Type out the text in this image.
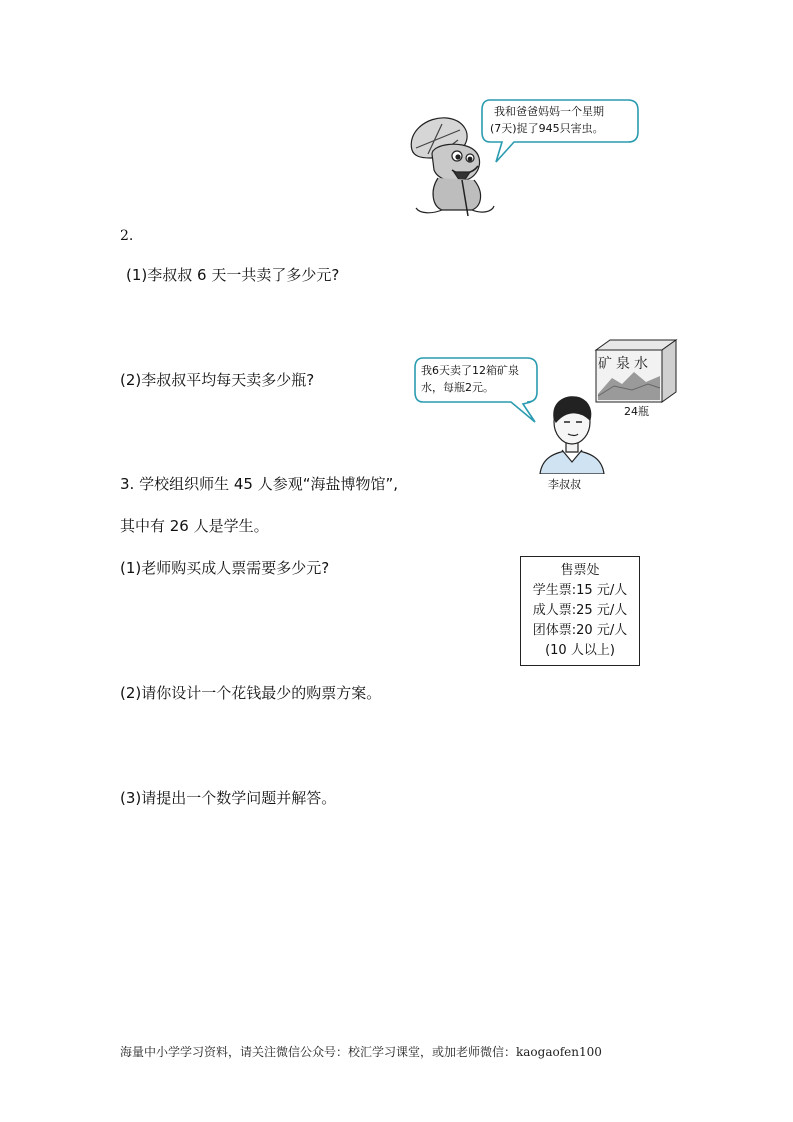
我和爸爸妈妈一个星期
(7天)捉了945只害虫。
2.
(1)李叔叔 6 天一共卖了多少元?
(2)李叔叔平均每天卖多少瓶?
我6天卖了12箱矿泉
水，每瓶2元。
矿泉水
24瓶
李叔叔
3. 学校组织师生 45 人参观“海盐博物馆”,
其中有 26 人是学生。
(1)老师购买成人票需要多少元?	售票处
学生票:15 元/人
成人票:25 元/人
团体票:20 元/人
(10 人以上)
(2)请你设计一个花钱最少的购票方案。
(3)请提出一个数学问题并解答。
海量中小学学习资料，请关注微信公众号：校汇学习课堂，或加老师微信：kaogaofen100
